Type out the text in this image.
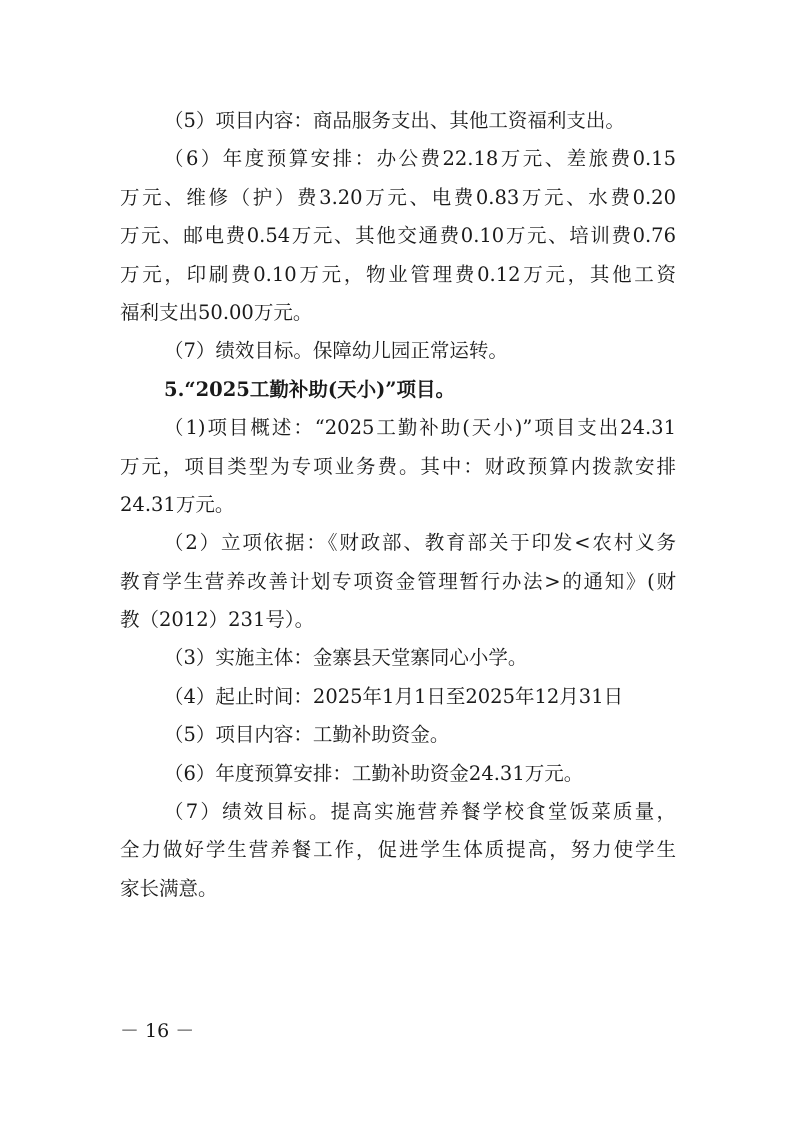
（5）项目内容：商品服务支出、其他工资福利支出。
（6）年度预算安排：办公费22.18万元、差旅费0.15
万元、维修（护）费3.20万元、电费0.83万元、水费0.20
万元、邮电费0.54万元、其他交通费0.10万元、培训费0.76
万元，印刷费0.10万元，物业管理费0.12万元，其他工资
福利支出50.00万元。
（7）绩效目标。保障幼儿园正常运转。
5.“2025工勤补助(天小)”项目。
（1)项目概述：“2025工勤补助(天小)”项目支出24.31
万元，项目类型为专项业务费。其中：财政预算内拨款安排
24.31万元。
（2）立项依据：《财政部、教育部关于印发<农村义务
教育学生营养改善计划专项资金管理暂行办法>的通知》(财
教（2012）231号）。
（3）实施主体：金寨县天堂寨同心小学。
（4）起止时间：2025年1月1日至2025年12月31日
（5）项目内容：工勤补助资金。
（6）年度预算安排：工勤补助资金24.31万元。
（7）绩效目标。提高实施营养餐学校食堂饭菜质量，
全力做好学生营养餐工作，促进学生体质提高，努力使学生
家长满意。
－ 16 －
